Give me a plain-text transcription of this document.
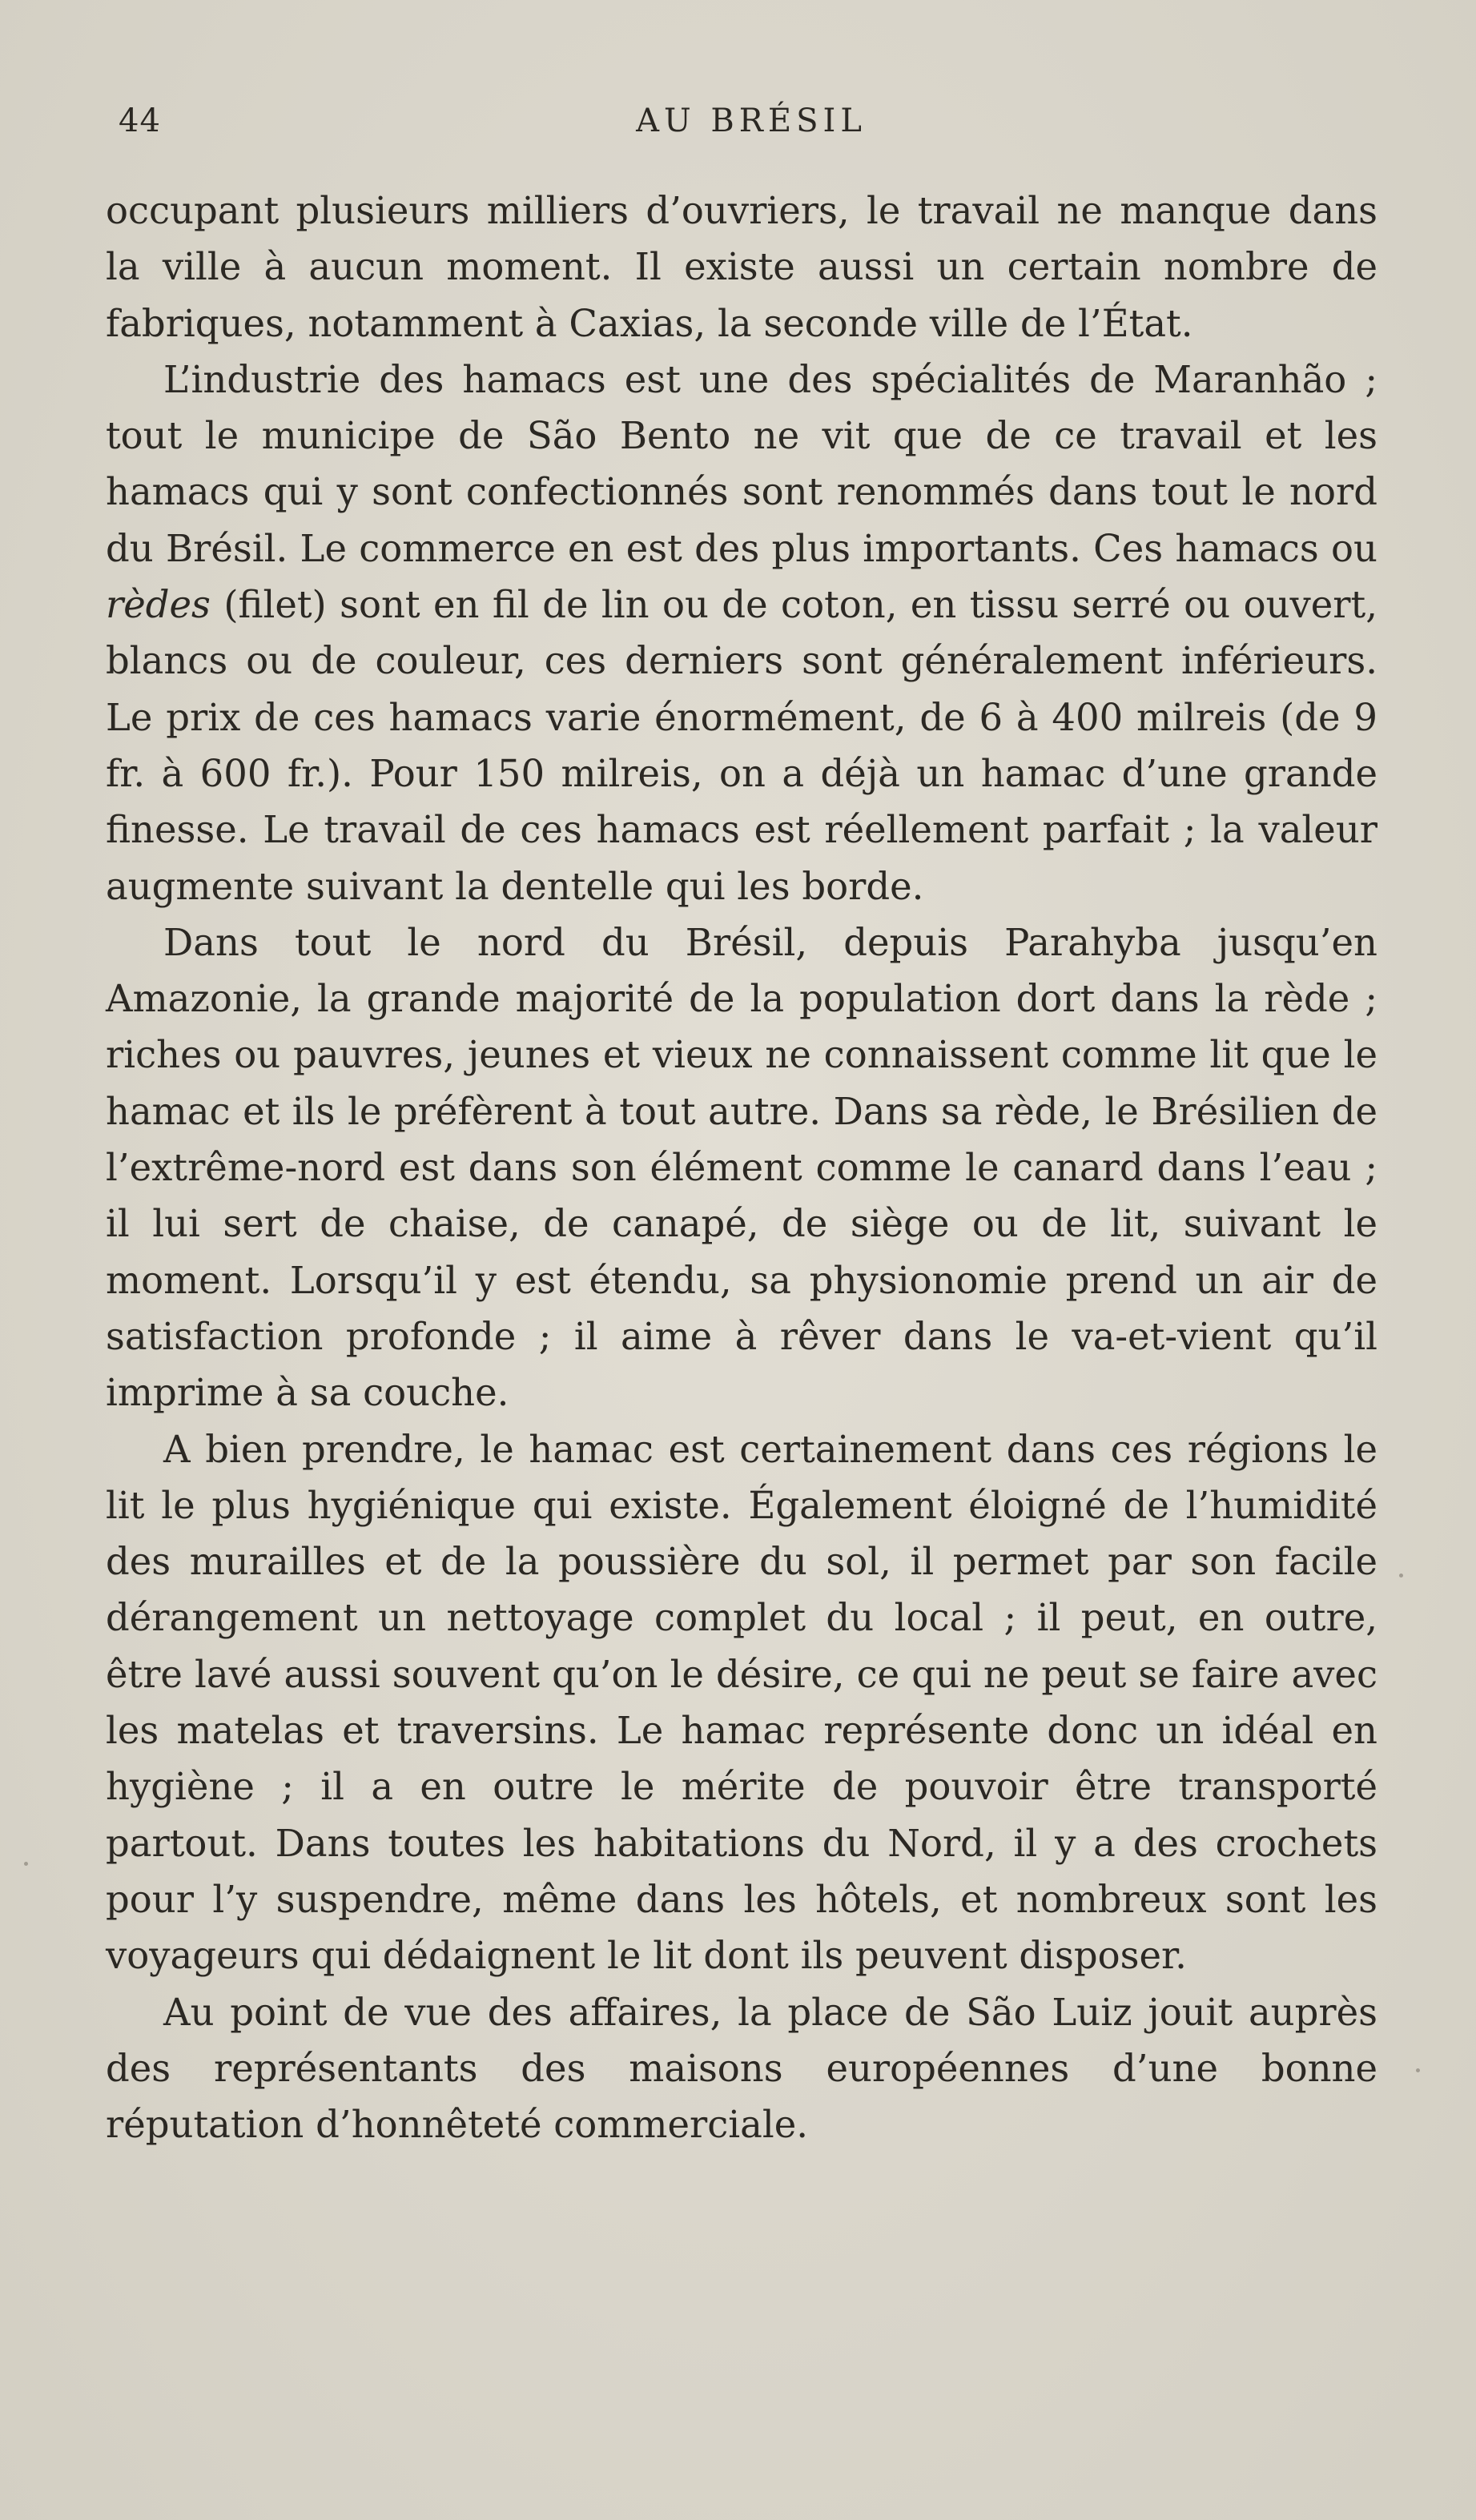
44	AU BRÉSIL

occupant plusieurs milliers d’ouvriers, le travail ne manque dans la ville à aucun moment. Il existe aussi un certain nombre de fabriques, notamment à Caxias, la seconde ville de l’État.

L’industrie des hamacs est une des spécialités de Maranhão ; tout le municipe de São Bento ne vit que de ce travail et les hamacs qui y sont confectionnés sont renommés dans tout le nord du Brésil. Le commerce en est des plus importants. Ces hamacs ou rèdes (filet) sont en fil de lin ou de coton, en tissu serré ou ouvert, blancs ou de couleur, ces derniers sont généralement inférieurs. Le prix de ces hamacs varie énormément, de 6 à 400 milreis (de 9 fr. à 600 fr.). Pour 150 milreis, on a déjà un hamac d’une grande finesse. Le travail de ces hamacs est réellement parfait ; la valeur augmente suivant la dentelle qui les borde.

Dans tout le nord du Brésil, depuis Parahyba jusqu’en Amazonie, la grande majorité de la population dort dans la rède ; riches ou pauvres, jeunes et vieux ne connaissent comme lit que le hamac et ils le préfèrent à tout autre. Dans sa rède, le Brésilien de l’extrême-nord est dans son élément comme le canard dans l’eau ; il lui sert de chaise, de canapé, de siège ou de lit, suivant le moment. Lorsqu’il y est étendu, sa physionomie prend un air de satisfaction profonde ; il aime à rêver dans le va-et-vient qu’il imprime à sa couche.

A bien prendre, le hamac est certainement dans ces régions le lit le plus hygiénique qui existe. Également éloigné de l’humidité des murailles et de la poussière du sol, il permet par son facile dérangement un nettoyage complet du local ; il peut, en outre, être lavé aussi souvent qu’on le désire, ce qui ne peut se faire avec les matelas et traversins. Le hamac représente donc un idéal en hygiène ; il a en outre le mérite de pouvoir être transporté partout. Dans toutes les habitations du Nord, il y a des crochets pour l’y suspendre, même dans les hôtels, et nombreux sont les voyageurs qui dédaignent le lit dont ils peuvent disposer.

Au point de vue des affaires, la place de São Luiz jouit auprès des représentants des maisons européennes d’une bonne réputation d’honnêteté commerciale.
